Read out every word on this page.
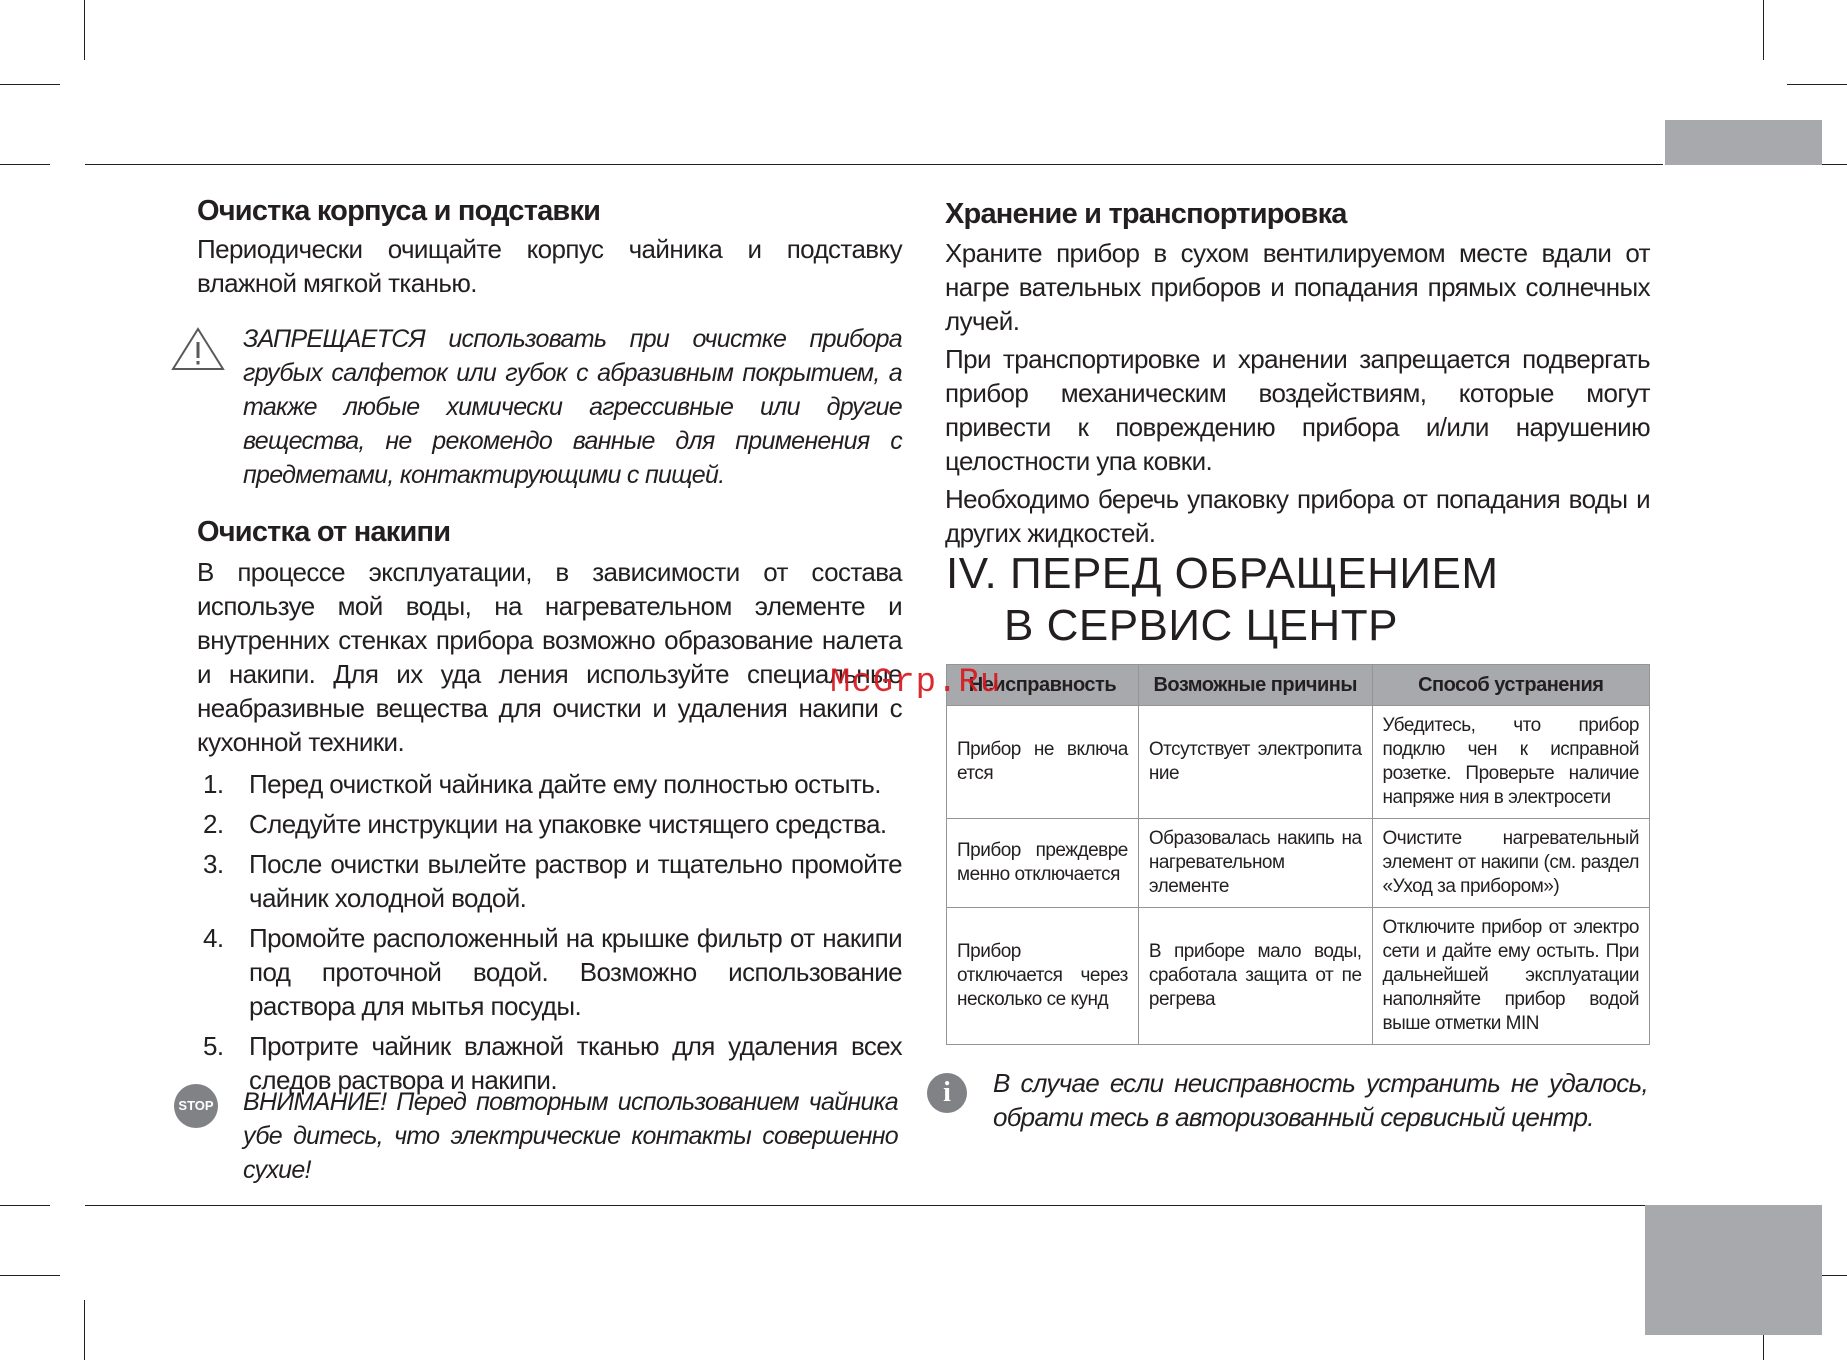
Очистка корпуса и подставки

Периодически очищайте корпус чайника и подставку влажной мягкой тканью.

ЗАПРЕЩАЕТСЯ использовать при очистке прибора грубых салфеток или губок с абразивным покрытием, а также любые химически агрессивные или другие вещества, не рекомендо ванные для применения с предметами, контактирующими с пищей.
Очистка от накипи

В процессе эксплуатации, в зависимости от состава используе мой воды, на нагревательном элементе и внутренних стенках прибора возможно образование налета и накипи. Для их уда ления используйте специальные неабразивные вещества для очистки и удаления накипи с кухонной техники.

1. Перед очисткой чайника дайте ему полностью остыть.
2. Следуйте инструкции на упаковке чистящего средства.
3. После очистки вылейте раствор и тщательно промойте чайник холодной водой.
4. Промойте расположенный на крышке фильтр от накипи под проточной водой. Возможно использование раствора для мытья посуды.
5. Протрите чайник влажной тканью для удаления всех следов раствора и накипи.
STOP ВНИМАНИЕ! Перед повторным использованием чайника убе дитесь, что электрические контакты совершенно сухие!
Хранение и транспортировка

Храните прибор в сухом вентилируемом месте вдали от нагре вательных приборов и попадания прямых солнечных лучей.

При транспортировке и хранении запрещается подвергать прибор механическим воздействиям, которые могут привести к повреждению прибора и/или нарушению целостности упа ковки.

Необходимо беречь упаковку прибора от попадания воды и других жидкостей.

IV. ПЕРЕД ОБРАЩЕНИЕМ
В СЕРВИС ЦЕНТР
Неисправность	Возможные причины	Способ устранения
Прибор не включа ется	Отсутствует электропита ние	Убедитесь, что прибор подклю чен к исправной розетке. Проверьте наличие напряже ния в электросети
Прибор преждевре менно отключается	Образовалась накипь на нагревательном элементе	Очистите нагревательный элемент от накипи (см. раздел «Уход за прибором»)
Прибор отключается через несколько се кунд	В приборе мало воды, сработала защита от пе регрева	Отключите прибор от электро сети и дайте ему остыть. При дальнейшей эксплуатации наполняйте прибор водой выше отметки MIN
i	В случае если неисправность устранить не удалось, обрати тесь в авторизованный сервисный центр.
McGrp.Ru
